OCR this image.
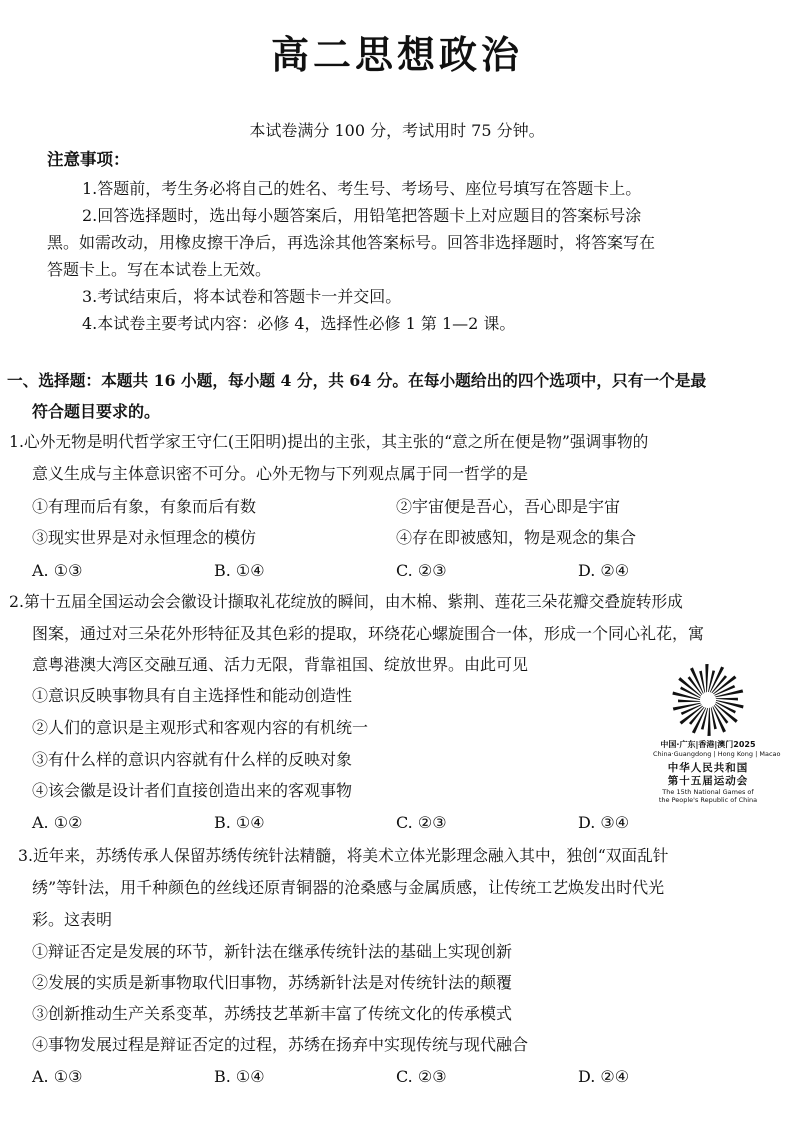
高二思想政治
本试卷满分 100 分，考试用时 75 分钟。
注意事项：
1.答题前，考生务必将自己的姓名、考生号、考场号、座位号填写在答题卡上。
2.回答选择题时，选出每小题答案后，用铅笔把答题卡上对应题目的答案标号涂
黑。如需改动，用橡皮擦干净后，再选涂其他答案标号。回答非选择题时，将答案写在
答题卡上。写在本试卷上无效。
3.考试结束后，将本试卷和答题卡一并交回。
4.本试卷主要考试内容：必修 4，选择性必修 1 第 1—2 课。
一、选择题：本题共 16 小题，每小题 4 分，共 64 分。在每小题给出的四个选项中，只有一个是最
符合题目要求的。
1.心外无物是明代哲学家王守仁(王阳明)提出的主张，其主张的“意之所在便是物”强调事物的
意义生成与主体意识密不可分。心外无物与下列观点属于同一哲学的是
①有理而后有象，有象而后有数	②宇宙便是吾心，吾心即是宇宙
③现实世界是对永恒理念的模仿	④存在即被感知，物是观念的集合
A. ①③	B. ①④	C. ②③	D. ②④
2.第十五届全国运动会会徽设计撷取礼花绽放的瞬间，由木棉、紫荆、莲花三朵花瓣交叠旋转形成
图案，通过对三朵花外形特征及其色彩的提取，环绕花心螺旋围合一体，形成一个同心礼花，寓
意粤港澳大湾区交融互通、活力无限，背靠祖国、绽放世界。由此可见
①意识反映事物具有自主选择性和能动创造性
②人们的意识是主观形式和客观内容的有机统一
③有什么样的意识内容就有什么样的反映对象
④该会徽是设计者们直接创造出来的客观事物
A. ①②	B. ①④	C. ②③	D. ③④
中国·广东|香港|澳门2025
China·Guangdong | Hong Kong | Macao
中华人民共和国
第十五届运动会
The 15th National Games of
the People's Republic of China
3.近年来，苏绣传承人保留苏绣传统针法精髓，将美术立体光影理念融入其中，独创“双面乱针
绣”等针法，用千种颜色的丝线还原青铜器的沧桑感与金属质感，让传统工艺焕发出时代光
彩。这表明
①辩证否定是发展的环节，新针法在继承传统针法的基础上实现创新
②发展的实质是新事物取代旧事物，苏绣新针法是对传统针法的颠覆
③创新推动生产关系变革，苏绣技艺革新丰富了传统文化的传承模式
④事物发展过程是辩证否定的过程，苏绣在扬弃中实现传统与现代融合
A. ①③	B. ①④	C. ②③	D. ②④
